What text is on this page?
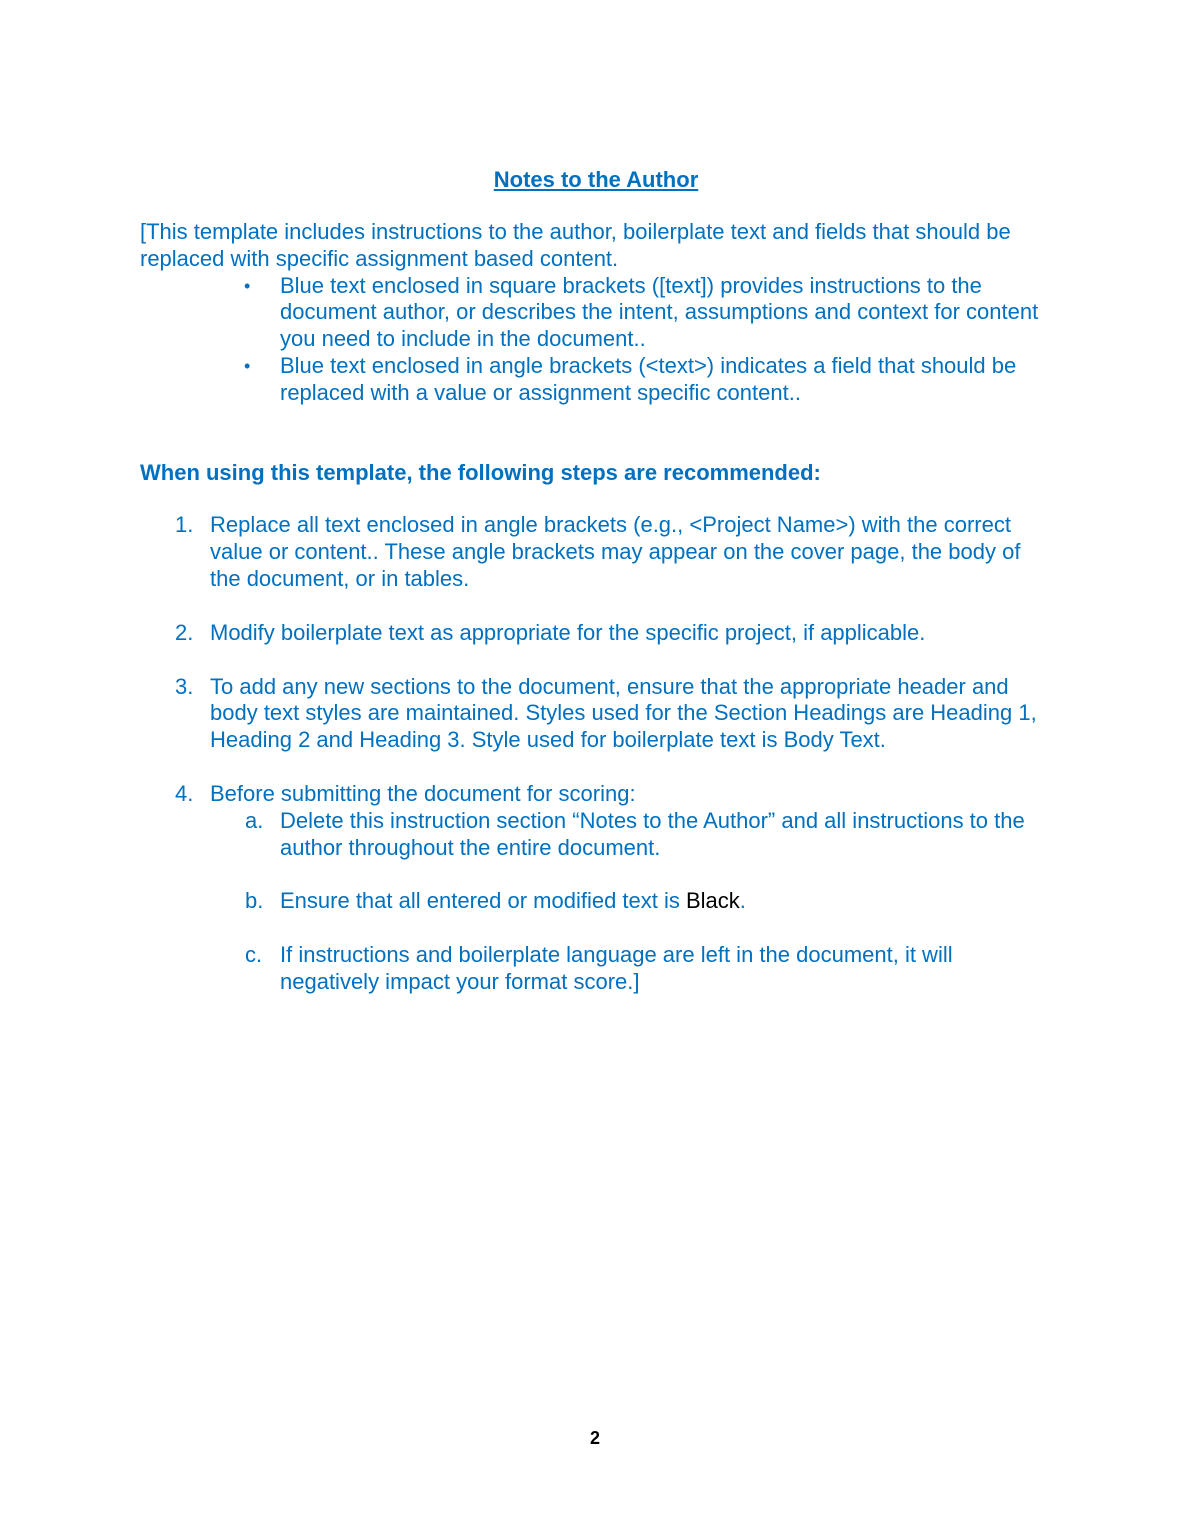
Notes to the Author

[This template includes instructions to the author, boilerplate text and fields that should be replaced with specific assignment based content.

• Blue text enclosed in square brackets ([text]) provides instructions to the document author, or describes the intent, assumptions and context for content you need to include in the document..
• Blue text enclosed in angle brackets (<text>) indicates a field that should be replaced with a value or assignment specific content..

When using this template, the following steps are recommended:

1. Replace all text enclosed in angle brackets (e.g., <Project Name>) with the correct value or content.. These angle brackets may appear on the cover page, the body of the document, or in tables.
2. Modify boilerplate text as appropriate for the specific project, if applicable.
3. To add any new sections to the document, ensure that the appropriate header and body text styles are maintained. Styles used for the Section Headings are Heading 1, Heading 2 and Heading 3. Style used for boilerplate text is Body Text.
4. Before submitting the document for scoring:
a. Delete this instruction section “Notes to the Author” and all instructions to the author throughout the entire document.
b. Ensure that all entered or modified text is Black.
c. If instructions and boilerplate language are left in the document, it will negatively impact your format score.]
2
